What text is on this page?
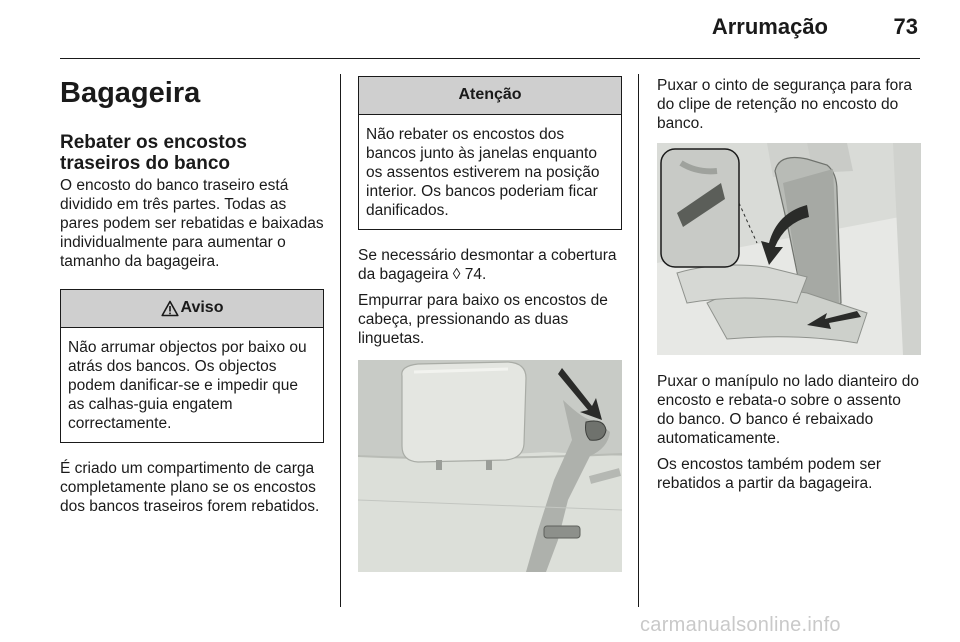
Arrumação	73
Bagageira
Rebater os encostos traseiros do banco

O encosto do banco traseiro está dividido em três partes. Todas as pares podem ser rebatidas e baixadas individualmente para aumentar o tamanho da bagageira.

Aviso
Não arrumar objectos por baixo ou atrás dos bancos. Os objectos podem danificar-se e impedir que as calhas-guia engatem correctamente.

É criado um compartimento de carga completamente plano se os encostos dos bancos traseiros forem rebatidos.

Atenção
Não rebater os encostos dos bancos junto às janelas enquanto os assentos estiverem na posição interior. Os bancos poderiam ficar danificados.

Se necessário desmontar a cobertura da bagageira ◊ 74.

Empurrar para baixo os encostos de cabeça, pressionando as duas linguetas.

Puxar o cinto de segurança para fora do clipe de retenção no encosto do banco.

Puxar o manípulo no lado dianteiro do encosto e rebata-o sobre o assento do banco. O banco é rebaixado automaticamente.

Os encostos também podem ser rebatidos a partir da bagageira.

carmanualsonline.info
